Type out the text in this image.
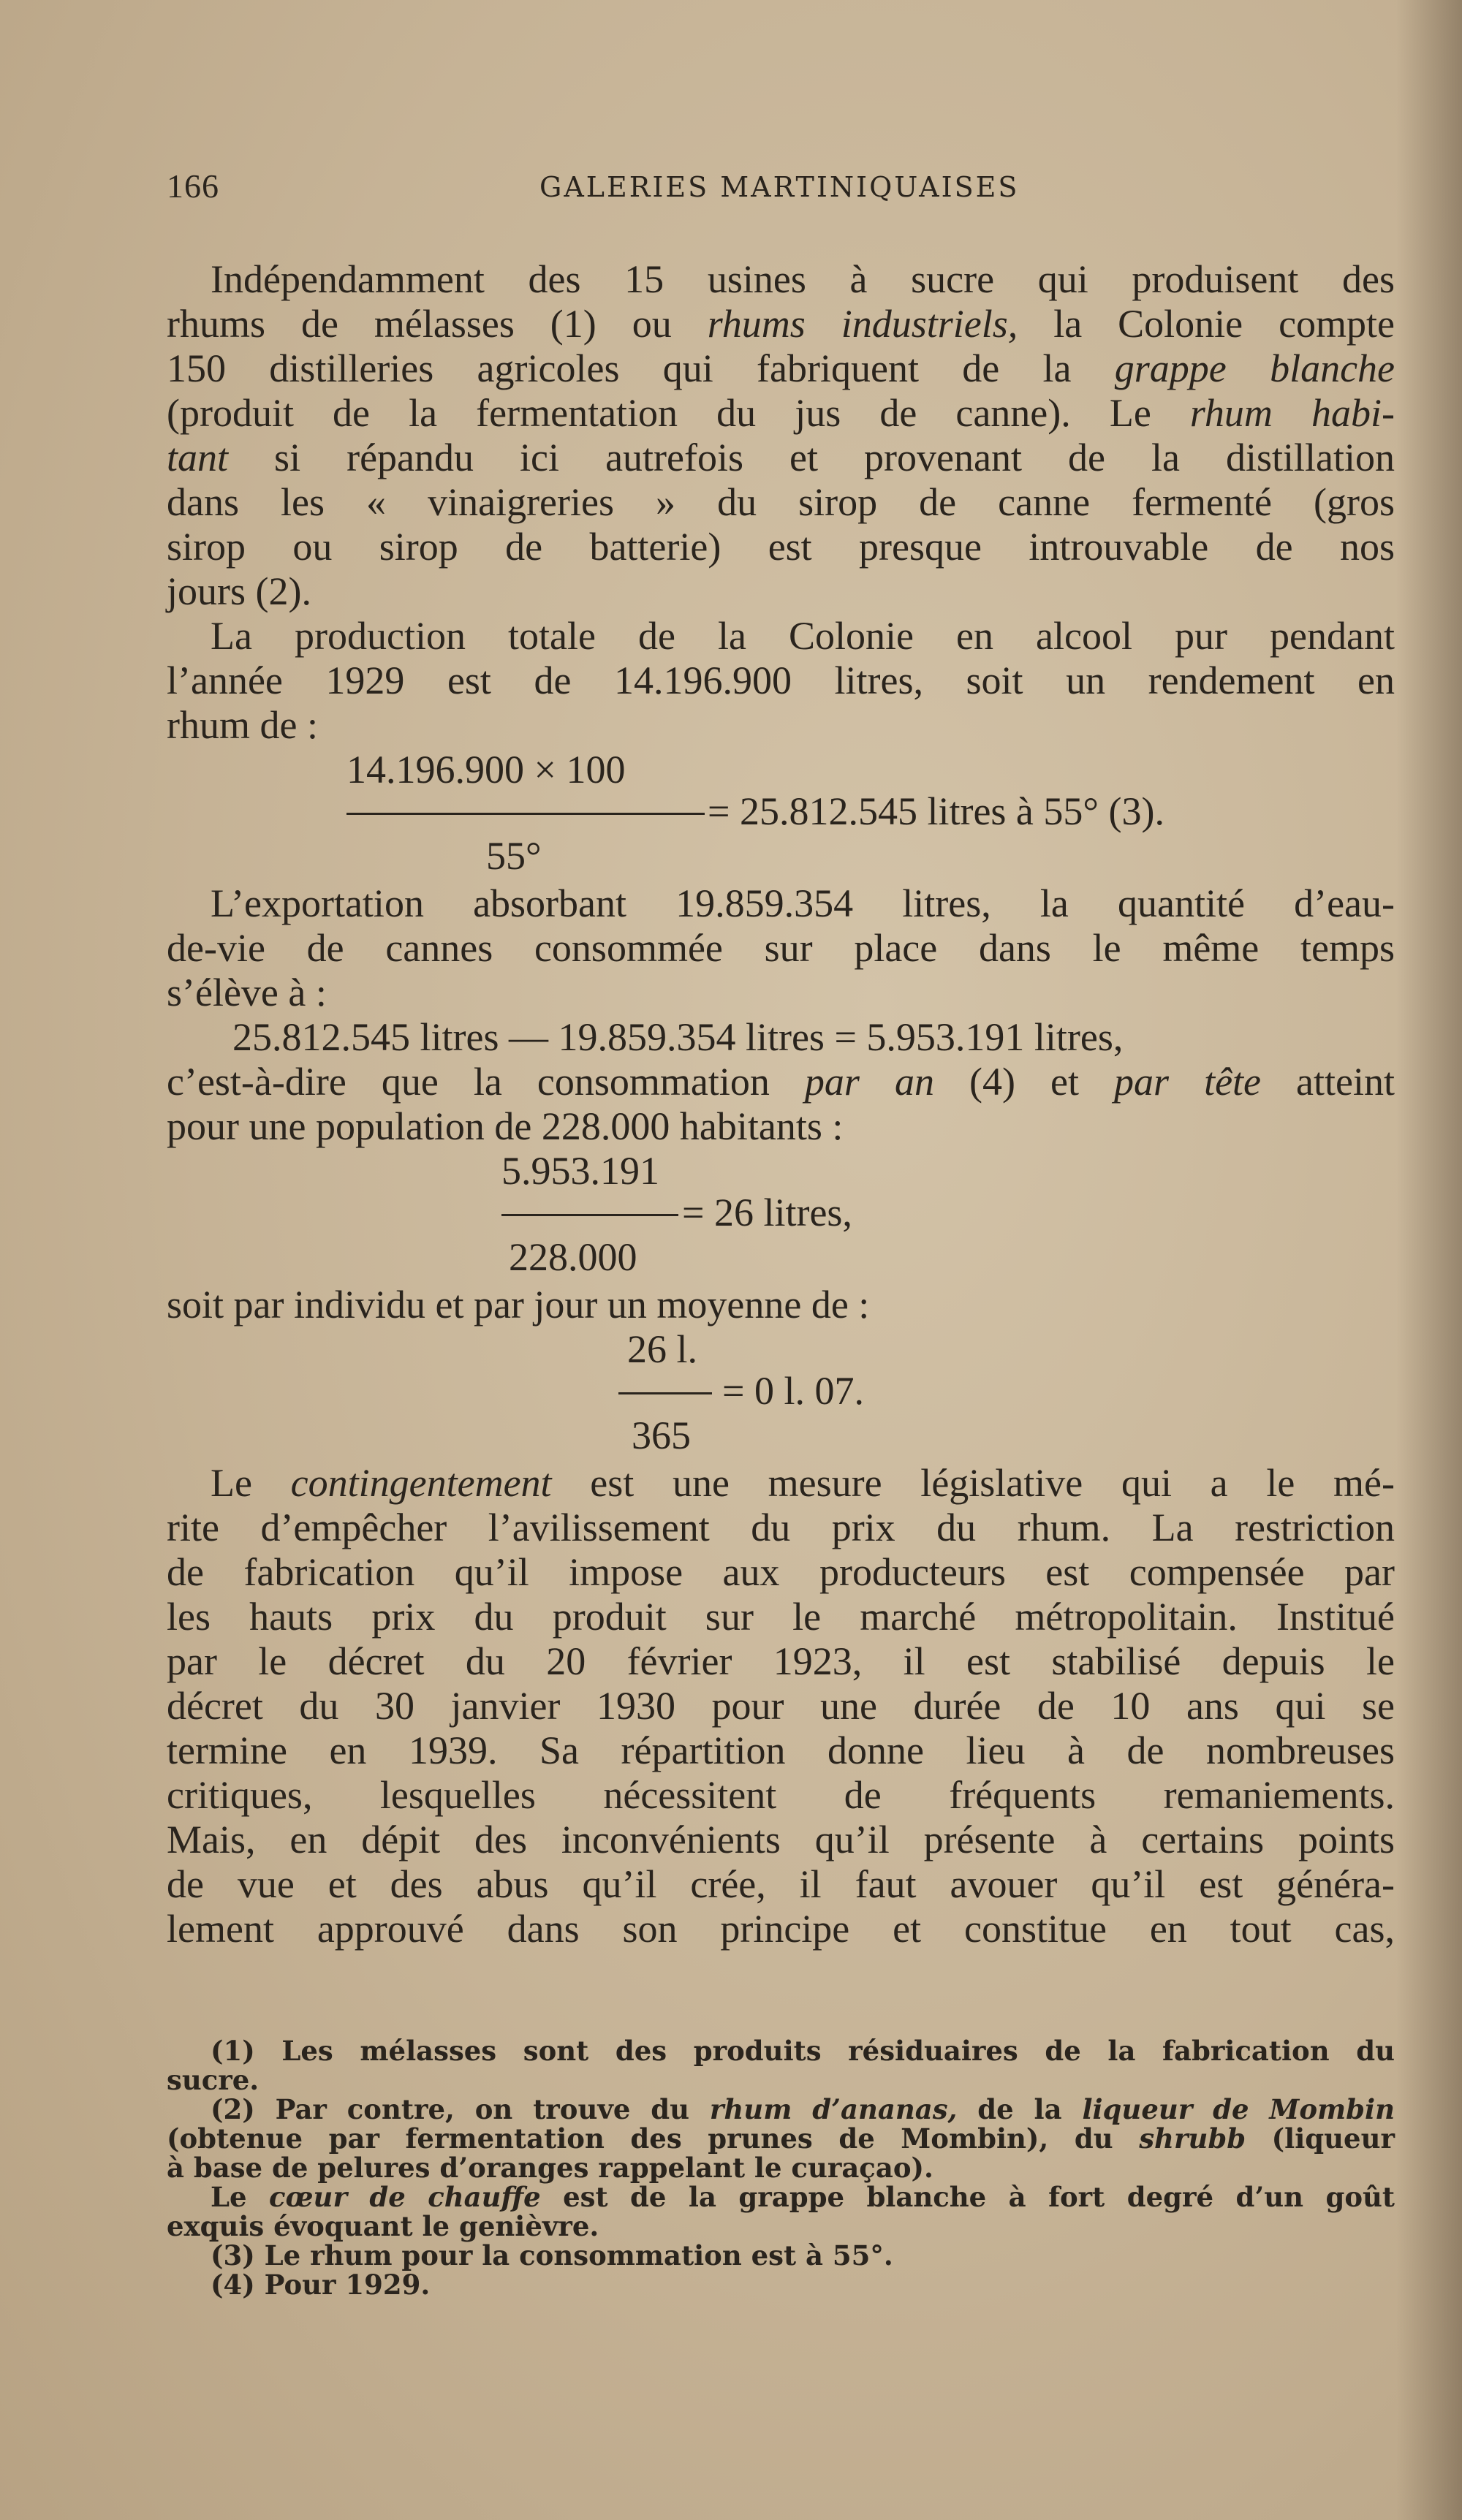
166	GALERIES MARTINIQUAISES
Indépendamment des 15 usines à sucre qui produisent des
rhums de mélasses (1) ou rhums industriels, la Colonie compte
150 distilleries agricoles qui fabriquent de la grappe blanche
(produit de la fermentation du jus de canne). Le rhum habi-
tant si répandu ici autrefois et provenant de la distillation
dans les « vinaigreries » du sirop de canne fermenté (gros
sirop ou sirop de batterie) est presque introuvable de nos
jours (2).
La production totale de la Colonie en alcool pur pendant
l’année 1929 est de 14.196.900 litres, soit un rendement en
rhum de :
14.196.900 × 100
= 25.812.545 litres à 55° (3).
55°
L’exportation absorbant 19.859.354 litres, la quantité d’eau-
de-vie de cannes consommée sur place dans le même temps
s’élève à :
25.812.545 litres — 19.859.354 litres = 5.953.191 litres,
c’est-à-dire que la consommation par an (4) et par tête atteint
pour une population de 228.000 habitants :
5.953.191
= 26 litres,
228.000
soit par individu et par jour un moyenne de :
26 l.
= 0 l. 07.
365
Le contingentement est une mesure législative qui a le mé-
rite d’empêcher l’avilissement du prix du rhum. La restriction
de fabrication qu’il impose aux producteurs est compensée par
les hauts prix du produit sur le marché métropolitain. Institué
par le décret du 20 février 1923, il est stabilisé depuis le
décret du 30 janvier 1930 pour une durée de 10 ans qui se
termine en 1939. Sa répartition donne lieu à de nombreuses
critiques, lesquelles nécessitent de fréquents remaniements.
Mais, en dépit des inconvénients qu’il présente à certains points
de vue et des abus qu’il crée, il faut avouer qu’il est généra-
lement approuvé dans son principe et constitue en tout cas,
(1) Les mélasses sont des produits résiduaires de la fabrication du
sucre.
(2) Par contre, on trouve du rhum d’ananas, de la liqueur de Mombin
(obtenue par fermentation des prunes de Mombin), du shrubb (liqueur
à base de pelures d’oranges rappelant le curaçao).
Le cœur de chauffe est de la grappe blanche à fort degré d’un goût
exquis évoquant le genièvre.
(3) Le rhum pour la consommation est à 55°.
(4) Pour 1929.
